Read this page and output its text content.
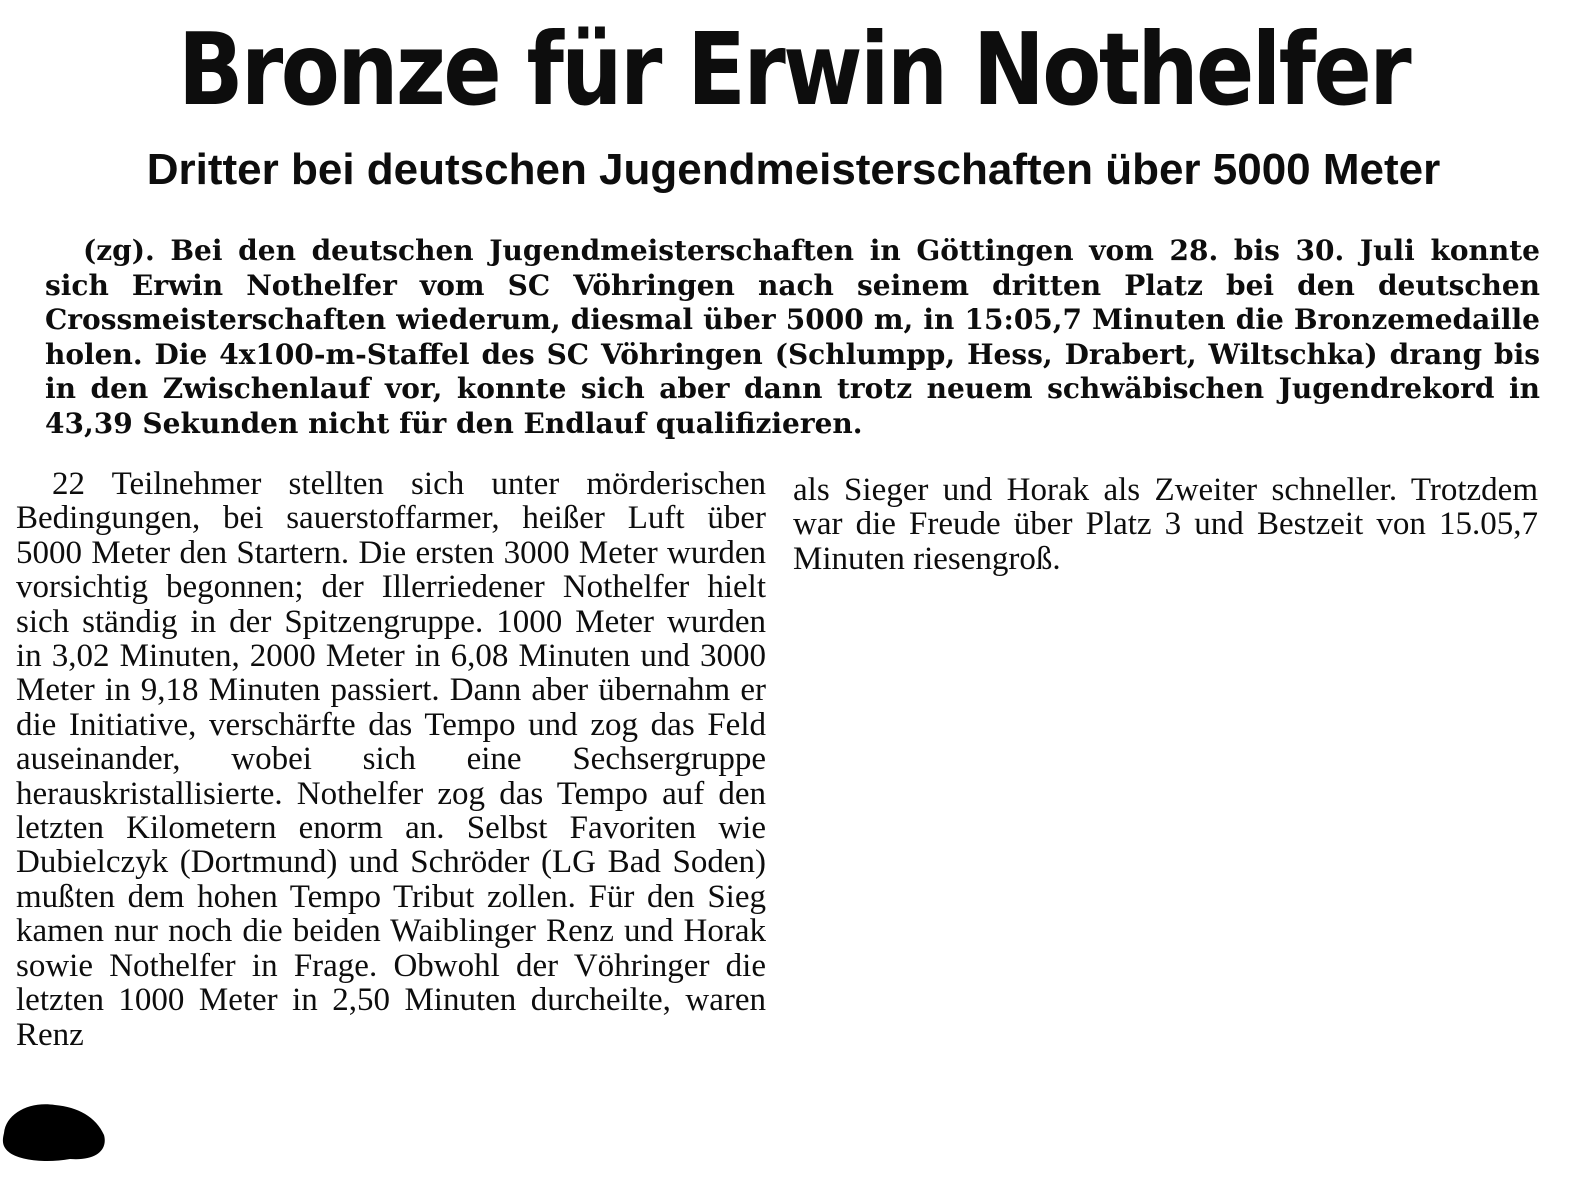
Bronze für Erwin Nothelfer
Dritter bei deutschen Jugendmeisterschaften über 5000 Meter

(zg). Bei den deutschen Jugendmeisterschaften in Göttingen vom 28. bis 30. Juli konnte sich Erwin Nothelfer vom SC Vöhringen nach seinem dritten Platz bei den deutschen Crossmeisterschaften wiederum, diesmal über 5000 m, in 15:05,7 Minuten die Bronzemedaille holen. Die 4x100-m-Staffel des SC Vöhringen (Schlumpp, Hess, Drabert, Wiltschka) drang bis in den Zwischenlauf vor, konnte sich aber dann trotz neuem schwäbischen Jugendrekord in 43,39 Sekunden nicht für den Endlauf qualifizieren.

22 Teilnehmer stellten sich unter mörderischen Bedingungen, bei sauerstoffarmer, heißer Luft über 5000 Meter den Startern. Die ersten 3000 Meter wurden vorsichtig begonnen; der Illerriedener Nothelfer hielt sich ständig in der Spitzengruppe. 1000 Meter wurden in 3,02 Minuten, 2000 Meter in 6,08 Minuten und 3000 Meter in 9,18 Minuten passiert. Dann aber übernahm er die Initiative, verschärfte das Tempo und zog das Feld auseinander, wobei sich eine Sechsergruppe herauskristallisierte. Nothelfer zog das Tempo auf den letzten Kilometern enorm an. Selbst Favoriten wie Dubielczyk (Dortmund) und Schröder (LG Bad Soden) mußten dem hohen Tempo Tribut zollen. Für den Sieg kamen nur noch die beiden Waiblinger Renz und Horak sowie Nothelfer in Frage. Obwohl der Vöhringer die letzten 1000 Meter in 2,50 Minuten durcheilte, waren Renz

als Sieger und Horak als Zweiter schneller. Trotzdem war die Freude über Platz 3 und Bestzeit von 15.05,7 Minuten riesengroß.
